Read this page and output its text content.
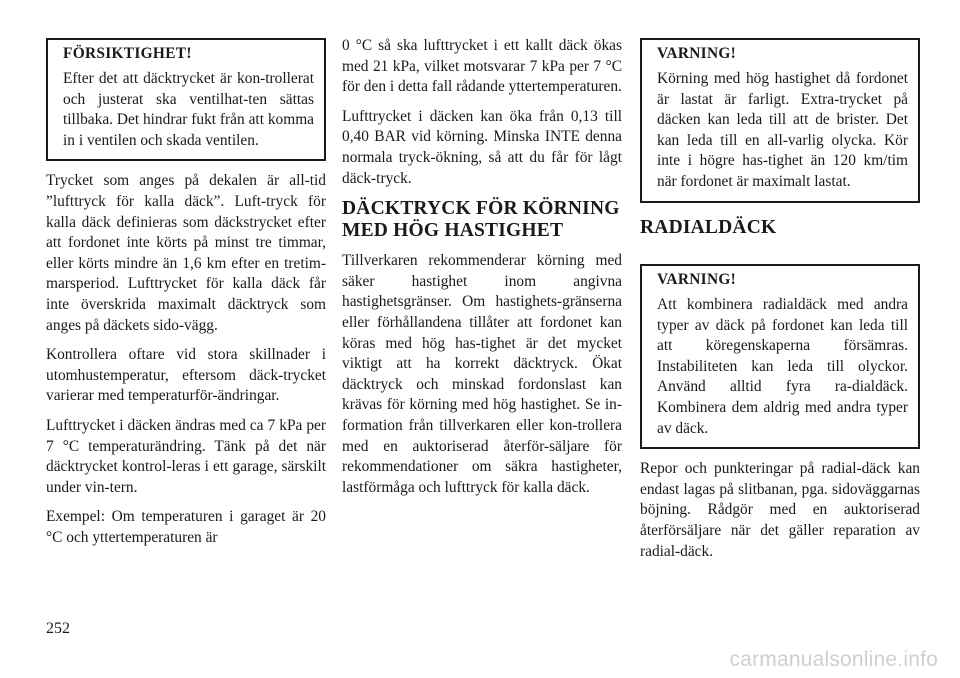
FÖRSIKTIGHET!

Efter det att däcktrycket är kon-trollerat och justerat ska ventilhat-ten sättas tillbaka. Det hindrar fukt från att komma in i ventilen och skada ventilen.

Trycket som anges på dekalen är all-tid ”lufttryck för kalla däck”. Luft-tryck för kalla däck definieras som däckstrycket efter att fordonet inte körts på minst tre timmar, eller körts mindre än 1,6 km efter en tretim-marsperiod. Lufttrycket för kalla däck får inte överskrida maximalt däcktryck som anges på däckets sido-vägg.

Kontrollera oftare vid stora skillnader i utomhustemperatur, eftersom däck-trycket varierar med temperaturför-ändringar.

Lufttrycket i däcken ändras med ca 7 kPa per 7 °C temperaturändring. Tänk på det när däcktrycket kontrol-leras i ett garage, särskilt under vin-tern.

Exempel: Om temperaturen i garaget är 20 °C och yttertemperaturen är

0 °C så ska lufttrycket i ett kallt däck ökas med 21 kPa, vilket motsvarar 7 kPa per 7 °C för den i detta fall rådande yttertemperaturen.

Lufttrycket i däcken kan öka från 0,13 till 0,40 BAR vid körning. Minska INTE denna normala tryck-ökning, så att du får för lågt däck-tryck.

DÄCKTRYCK FÖR KÖRNING MED HÖG HASTIGHET

Tillverkaren rekommenderar körning med säker hastighet inom angivna hastighetsgränser. Om hastighets-gränserna eller förhållandena tillåter att fordonet kan köras med hög has-tighet är det mycket viktigt att ha korrekt däcktryck. Ökat däcktryck och minskad fordonslast kan krävas för körning med hög hastighet. Se in-formation från tillverkaren eller kon-trollera med en auktoriserad återför-säljare för rekommendationer om säkra hastigheter, lastförmåga och lufttryck för kalla däck.

VARNING!

Körning med hög hastighet då fordonet är lastat är farligt. Extra-trycket på däcken kan leda till att de brister. Det kan leda till en all-varlig olycka. Kör inte i högre has-tighet än 120 km/tim när fordonet är maximalt lastat.

RADIALDÄCK
VARNING!

Att kombinera radialdäck med andra typer av däck på fordonet kan leda till att köregenskaperna försämras. Instabiliteten kan leda till olyckor. Använd alltid fyra ra-dialdäck. Kombinera dem aldrig med andra typer av däck.

Repor och punkteringar på radial-däck kan endast lagas på slitbanan, pga. sidoväggarnas böjning. Rådgör med en auktoriserad återförsäljare när det gäller reparation av radial-däck.

252
carmanualsonline.info
